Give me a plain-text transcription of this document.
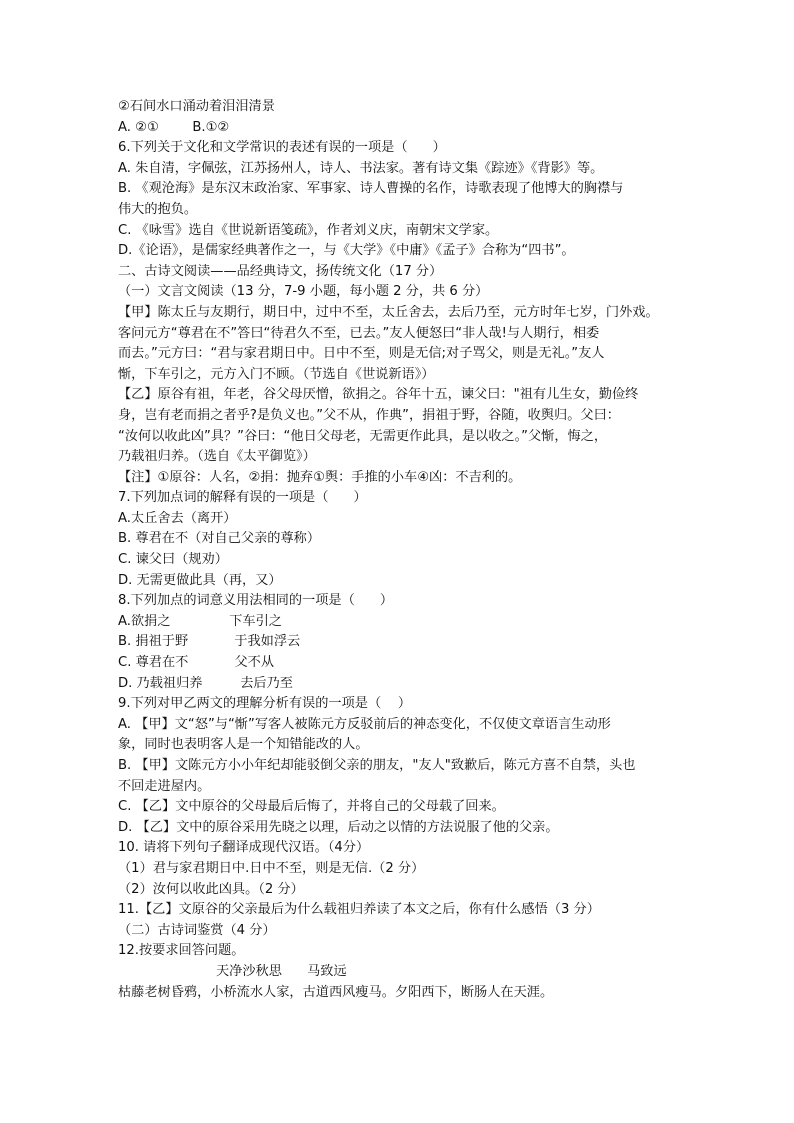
②石间水口涌动着泪泪清景

A. ②①        B.①②

6.下列关于文化和文学常识的表述有误的一项是（      ）

A. 朱自清，字佩弦，江苏扬州人，诗人、书法家。著有诗文集《踪迹》《背影》等。

B. 《观沧海》是东汉末政治家、军事家、诗人曹操的名作，诗歌表现了他博大的胸襟与

伟大的抱负。

C. 《咏雪》选自《世说新语笺疏》，作者刘义庆，南朝宋文学家。

D.《论语》，是儒家经典著作之一，与《大学》《中庸》《孟子》合称为“四书”。

二、古诗文阅读——品经典诗文，扬传统文化（17 分）

（一）文言文阅读（13 分，7-9 小题，每小题 2 分，共 6 分）

【甲】陈太丘与友期行，期日中，过中不至，太丘舍去，去后乃至，元方时年七岁，门外戏。

客问元方“尊君在不”答曰“待君久不至，已去。”友人便怒曰“非人哉!与人期行，相委

而去。”元方曰：“君与家君期日中。日中不至，则是无信;对子骂父，则是无礼。”友人

惭，下车引之，元方入门不顾。（节选自《世说新语》）

【乙】原谷有祖，年老，谷父母厌憎，欲捐之。谷年十五，谏父曰："祖有儿生女，勤俭终

身，岂有老而捐之者乎?是负义也。”父不从，作典”，捐祖于野，谷随，收舆归。父曰：

“汝何以收此凶”具？”谷曰：“他日父母老，无需更作此具，是以收之。”父惭，悔之，

乃载祖归养。（选自《太平御览》）

【注】①原谷：人名，②捐：抛弃①舆：手推的小车④凶：不吉利的。

7.下列加点词的解释有误的一项是（      ）

A.太丘舍去（离开）

B. 尊君在不（对自己父亲的尊称）

C. 谏父曰（规劝）

D. 无需更做此具（再，又）

8.下列加点的词意义用法相同的一项是（      ）

A.欲捐之              下车引之

B. 捐祖于野           于我如浮云

C. 尊君在不           父不从

D. 乃载祖归养         去后乃至

9.下列对甲乙两文的理解分析有误的一项是（    ）

A. 【甲】文“怒”与“惭”写客人被陈元方反驳前后的神态变化，不仅使文章语言生动形

象，同时也表明客人是一个知错能改的人。

B. 【甲】文陈元方小小年纪却能驳倒父亲的朋友，"友人"致歉后，陈元方喜不自禁，头也

不回走进屋内。

C. 【乙】文中原谷的父母最后后悔了，并将自己的父母载了回来。

D. 【乙】文中的原谷采用先晓之以理，后动之以情的方法说服了他的父亲。

10. 请将下列句子翻译成现代汉语。（4分）

（1）君与家君期日中.日中不至，则是无信.（2 分）

（2）汝何以收此凶具。（2 分）

11.【乙】文原谷的父亲最后为什么载祖归养读了本文之后，你有什么感悟（3 分）

（二）古诗词鉴赏（4 分）

12.按要求回答问题。

天净沙秋思      马致远

枯藤老树昏鸦，小桥流水人家，古道西风瘦马。夕阳西下，断肠人在天涯。
